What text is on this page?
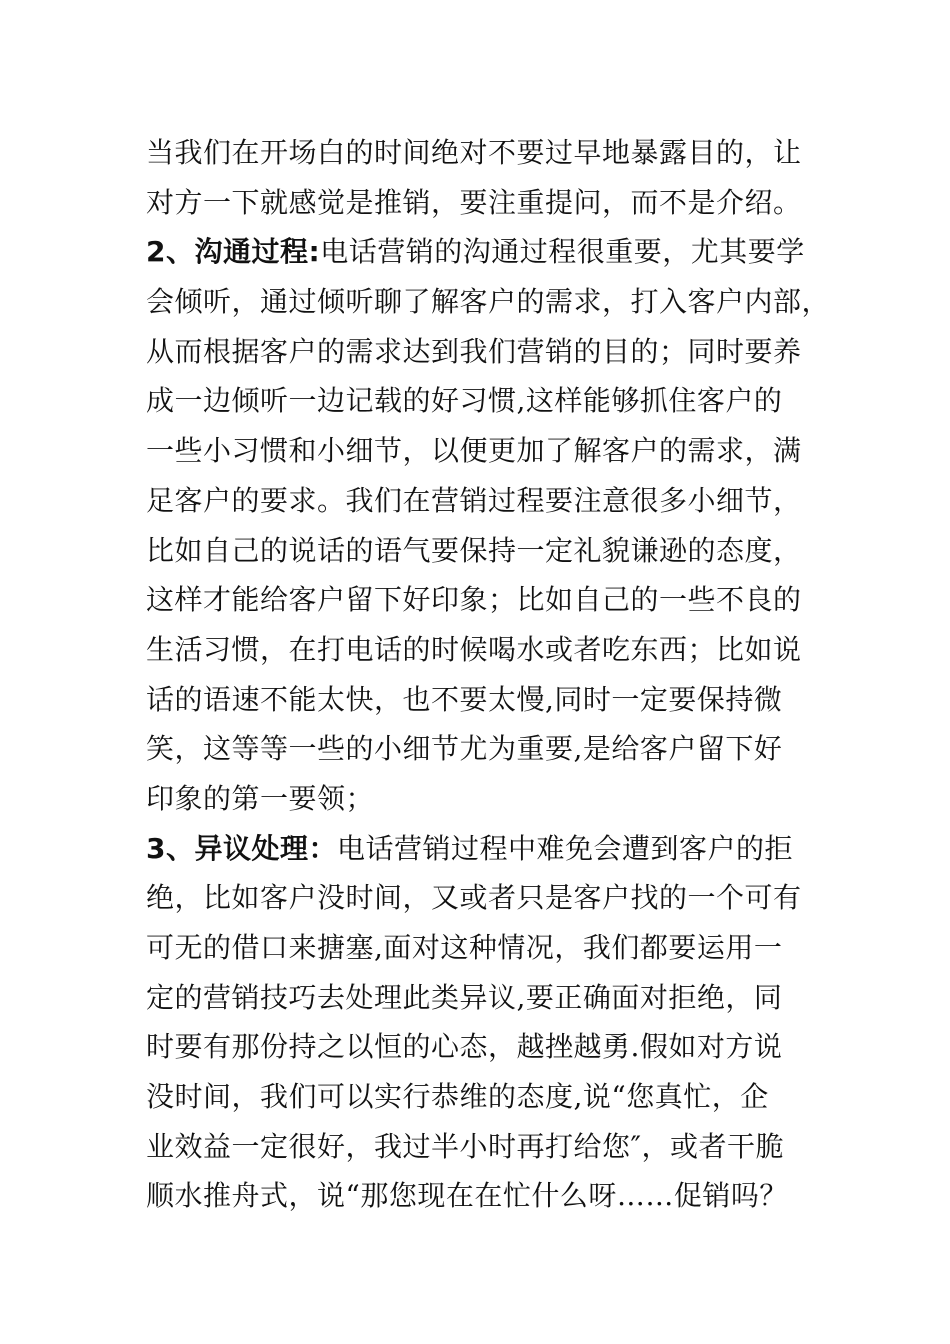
当我们在开场白的时间绝对不要过早地暴露目的，让
对方一下就感觉是推销，要注重提问，而不是介绍。
2、沟通过程:电话营销的沟通过程很重要，尤其要学
会倾听，通过倾听聊了解客户的需求，打入客户内部，
从而根据客户的需求达到我们营销的目的；同时要养
成一边倾听一边记载的好习惯,这样能够抓住客户的
一些小习惯和小细节，以便更加了解客户的需求，满
足客户的要求。我们在营销过程要注意很多小细节，
比如自己的说话的语气要保持一定礼貌谦逊的态度，
这样才能给客户留下好印象；比如自己的一些不良的
生活习惯，在打电话的时候喝水或者吃东西；比如说
话的语速不能太快，也不要太慢,同时一定要保持微
笑，这等等一些的小细节尤为重要,是给客户留下好
印象的第一要领；
3、异议处理：电话营销过程中难免会遭到客户的拒
绝，比如客户没时间，又或者只是客户找的一个可有
可无的借口来搪塞,面对这种情况，我们都要运用一
定的营销技巧去处理此类异议,要正确面对拒绝，同
时要有那份持之以恒的心态，越挫越勇.假如对方说
没时间，我们可以实行恭维的态度,说“您真忙，企
业效益一定很好，我过半小时再打给您″，或者干脆
顺水推舟式，说“那您现在在忙什么呀……促销吗？
